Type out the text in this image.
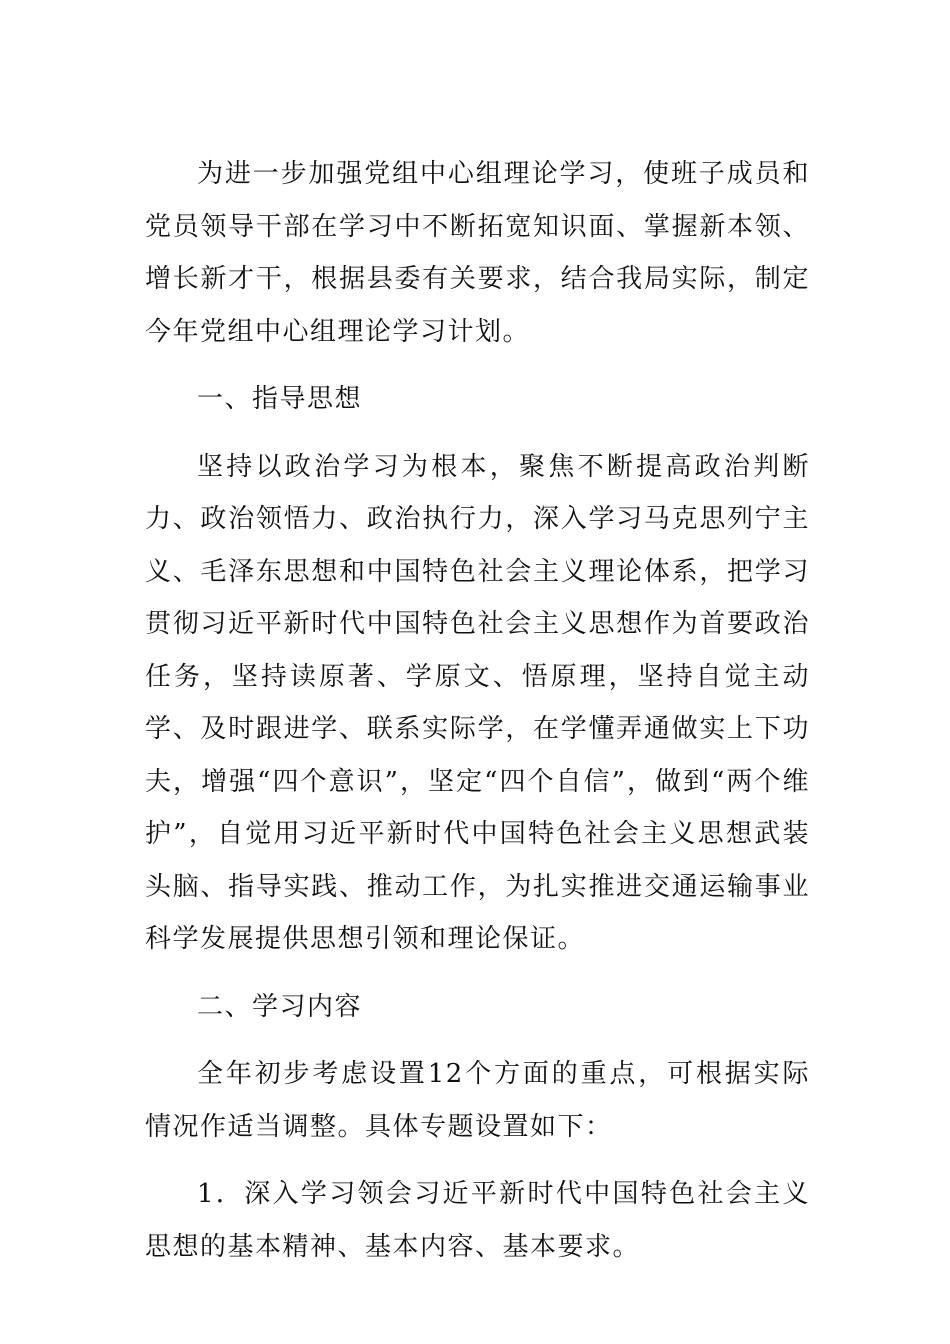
为进一步加强党组中心组理论学习，使班子成员和党员领导干部在学习中不断拓宽知识面、掌握新本领、增长新才干，根据县委有关要求，结合我局实际，制定今年党组中心组理论学习计划。

一、指导思想

坚持以政治学习为根本，聚焦不断提高政治判断力、政治领悟力、政治执行力，深入学习马克思列宁主义、毛泽东思想和中国特色社会主义理论体系，把学习贯彻习近平新时代中国特色社会主义思想作为首要政治任务，坚持读原著、学原文、悟原理，坚持自觉主动学、及时跟进学、联系实际学，在学懂弄通做实上下功夫，增强“四个意识”，坚定“四个自信”，做到“两个维护”，自觉用习近平新时代中国特色社会主义思想武装头脑、指导实践、推动工作，为扎实推进交通运输事业科学发展提供思想引领和理论保证。

二、学习内容

全年初步考虑设置12个方面的重点，可根据实际情况作适当调整。具体专题设置如下：

1．深入学习领会习近平新时代中国特色社会主义思想的基本精神、基本内容、基本要求。
